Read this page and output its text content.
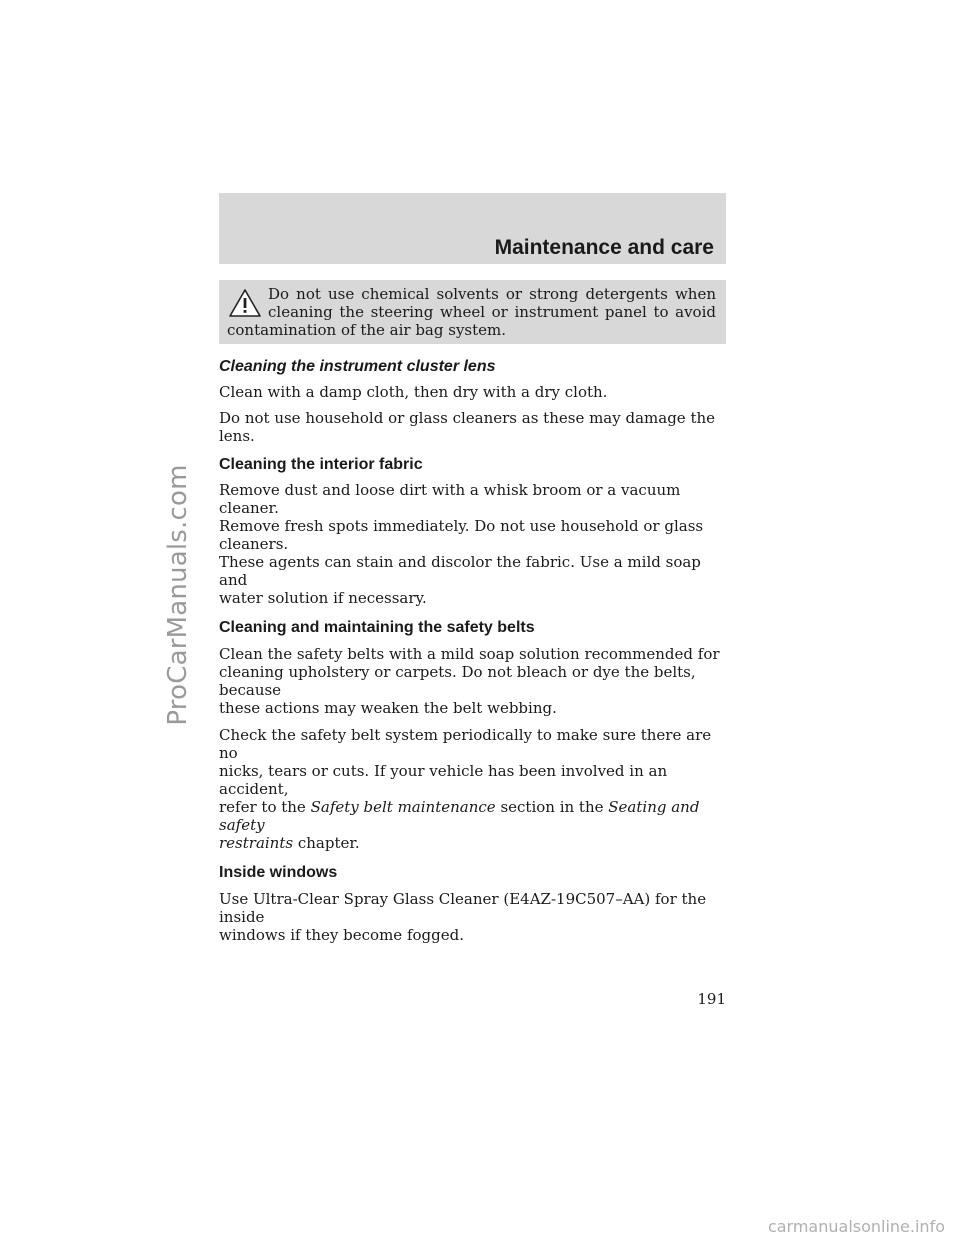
ProCarManuals.com
Maintenance and care
Do not use chemical solvents or strong detergents when cleaning the steering wheel or instrument panel to avoid contamination of the air bag system.
Cleaning the instrument cluster lens

Clean with a damp cloth, then dry with a dry cloth.

Do not use household or glass cleaners as these may damage the lens.

Cleaning the interior fabric

Remove dust and loose dirt with a whisk broom or a vacuum cleaner.
Remove fresh spots immediately. Do not use household or glass cleaners.
These agents can stain and discolor the fabric. Use a mild soap and
water solution if necessary.

Cleaning and maintaining the safety belts

Clean the safety belts with a mild soap solution recommended for
cleaning upholstery or carpets. Do not bleach or dye the belts, because
these actions may weaken the belt webbing.

Check the safety belt system periodically to make sure there are no
nicks, tears or cuts. If your vehicle has been involved in an accident,
refer to the Safety belt maintenance section in the Seating and safety
restraints chapter.

Inside windows

Use Ultra-Clear Spray Glass Cleaner (E4AZ-19C507–AA) for the inside
windows if they become fogged.

191
carmanualsonline.info
